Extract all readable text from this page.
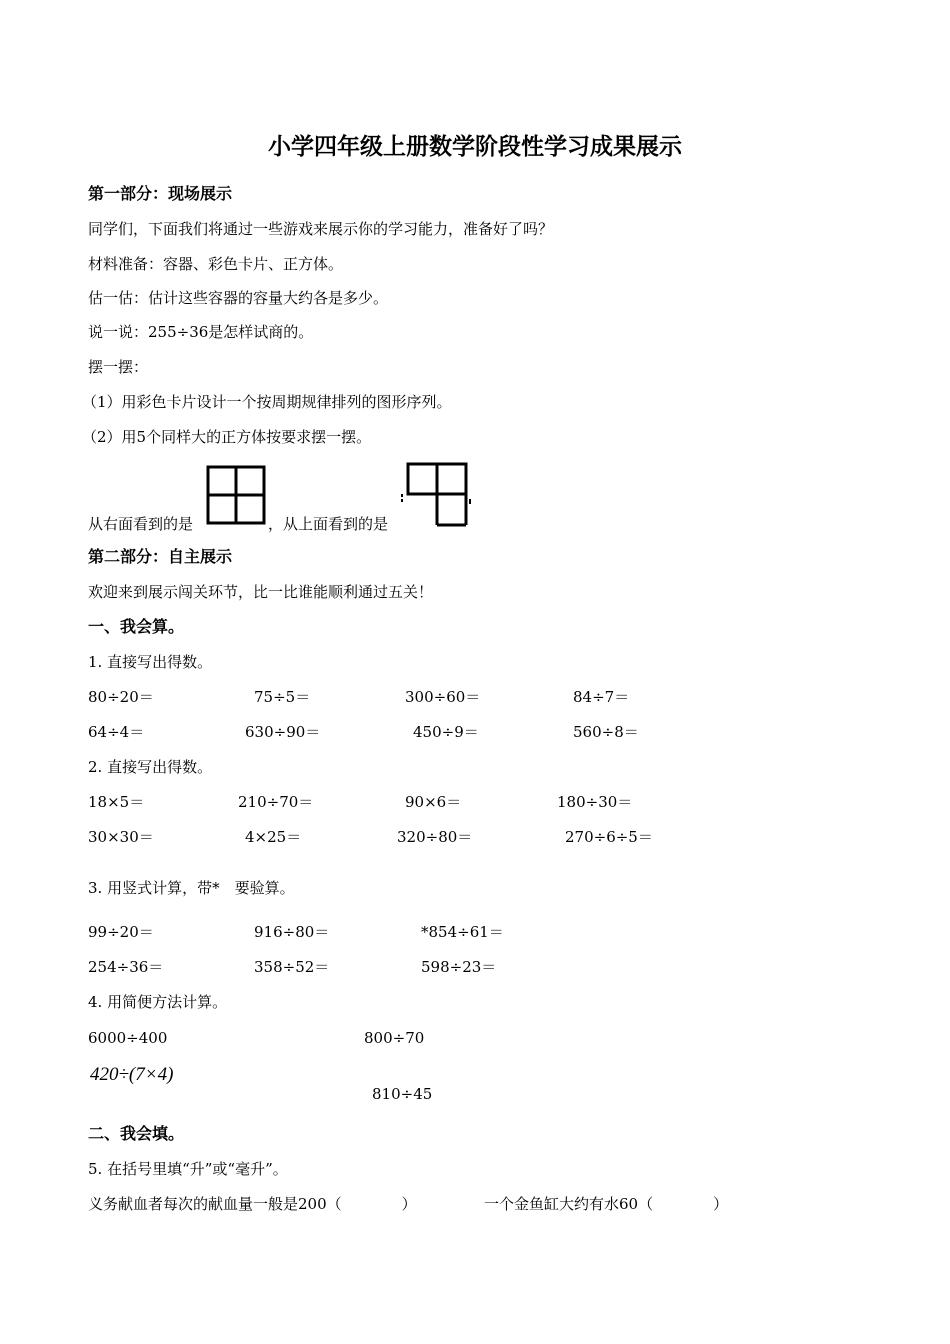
小学四年级上册数学阶段性学习成果展示
第一部分：现场展示
同学们，下面我们将通过一些游戏来展示你的学习能力，准备好了吗？
材料准备：容器、彩色卡片、正方体。
估一估：估计这些容器的容量大约各是多少。
说一说：255÷36是怎样试商的。
摆一摆：
（1）用彩色卡片设计一个按周期规律排列的图形序列。
（2）用5个同样大的正方体按要求摆一摆。
从右面看到的是	，从上面看到的是
第二部分：自主展示
欢迎来到展示闯关环节，比一比谁能顺利通过五关！
一、我会算。
1. 直接写出得数。
80÷20＝	75÷5＝	300÷60＝	84÷7＝
64÷4＝	630÷90＝	450÷9＝	560÷8＝
2. 直接写出得数。
18×5＝	210÷70＝	90×6＝	180÷30＝
30×30＝	4×25＝	320÷80＝	270÷6÷5＝
3. 用竖式计算，带*　要验算。
99÷20＝	916÷80＝	*854÷61＝
254÷36＝	358÷52＝	598÷23＝
4. 用简便方法计算。
6000÷400	800÷70
420÷(7×4)
810÷45
二、我会填。
5. 在括号里填“升”或“毫升”。
义务献血者每次的献血量一般是200（　　　　）	一个金鱼缸大约有水60（　　　　）
